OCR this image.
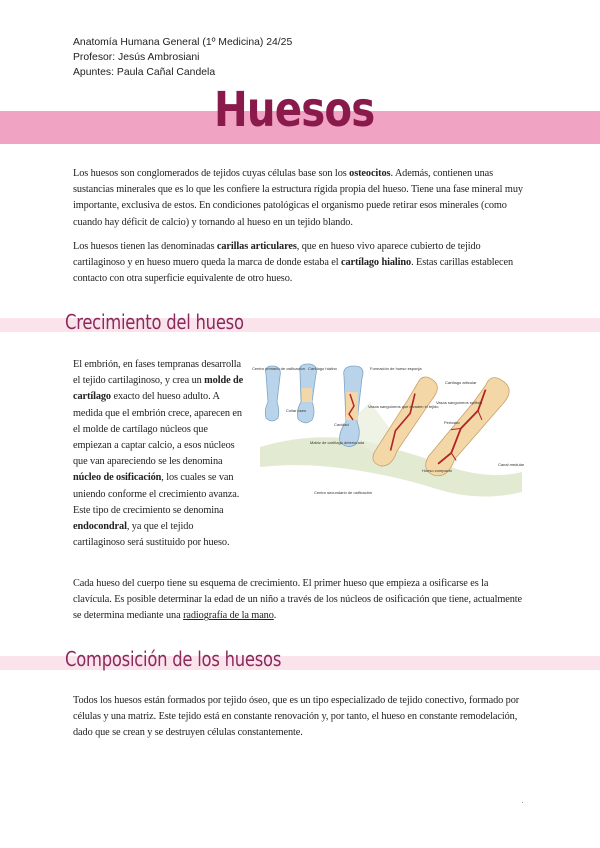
Anatomía Humana General (1º Medicina) 24/25
Profesor: Jesús Ambrosiani
Apuntes: Paula Cañal Candela
Huesos
Los huesos son conglomerados de tejidos cuyas células base son los osteocitos. Además, contienen unas sustancias minerales que es lo que les confiere la estructura rígida propia del hueso. Tiene una fase mineral muy importante, exclusiva de estos. En condiciones patológicas el organismo puede retirar esos minerales (como cuando hay déficit de calcio) y tornando al hueso en un tejido blando.
Los huesos tienen las denominadas carillas articulares, que en hueso vivo aparece cubierto de tejido cartilaginoso y en hueso muero queda la marca de donde estaba el cartílago hialino. Estas carillas establecen contacto con otra superficie equivalente de otro hueso.
Crecimiento del hueso
El embrión, en fases tempranas desarrolla el tejido cartilaginoso, y crea un molde de cartílago exacto del hueso adulto. A medida que el embrión crece, aparecen en el molde de cartílago núcleos que empiezan a captar calcio, a esos núcleos que van apareciendo se les denomina núcleo de osificación, los cuales se van uniendo conforme el crecimiento avanza. Este tipo de crecimiento se denomina endocondral, ya que el tejido cartilaginoso será sustituido por hueso.
Centro primario de osificación Cartílago hialino	Formación de hueso esponja
Cartílago articular
Collar óseo
Vasos sanguíneos que invaden el tejido
Vasos sanguíneos epífisis
Periostio
Matriz de cartílago deteriorada
Hueso compacto
Canal medular
Centro secundario de osificación
Cavidad
Cada hueso del cuerpo tiene su esquema de crecimiento. El primer hueso que empieza a osificarse es la clavícula. Es posible determinar la edad de un niño a través de los núcleos de osificación que tiene, actualmente se determina mediante una radiografía de la mano.
Composición de los huesos
Todos los huesos están formados por tejido óseo, que es un tipo especializado de tejido conectivo, formado por células y una matriz. Este tejido está en constante renovación y, por tanto, el hueso en constante remodelación, dado que se crean y se destruyen células constantemente.
